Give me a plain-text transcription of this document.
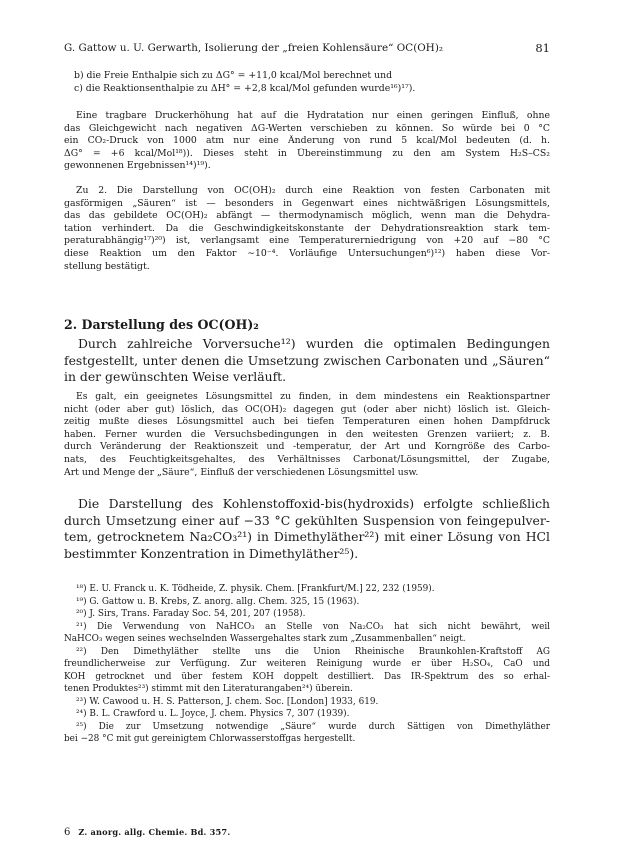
G. Gattow u. U. Gerwarth, Isolierung der „freien Kohlensäure“ OC(OH)₂	81
b) die Freie Enthalpie sich zu ΔG° = +11,0 kcal/Mol berechnet und
c) die Reaktionsenthalpie zu ΔH° = +2,8 kcal/Mol gefunden wurde¹⁶)¹⁷).
Eine tragbare Druckerhöhung hat auf die Hydratation nur einen geringen Einfluß, ohne
das Gleichgewicht nach negativen ΔG-Werten verschieben zu können. So würde bei 0 °C
ein CO₂-Druck von 1000 atm nur eine Änderung von rund 5 kcal/Mol bedeuten (d. h.
ΔG° = +6 kcal/Mol¹⁸)). Dieses steht in Übereinstimmung zu den am System H₂S–CS₂
gewonnenen Ergebnissen¹⁴)¹⁹).
Zu 2. Die Darstellung von OC(OH)₂ durch eine Reaktion von festen Carbonaten mit
gasförmigen „Säuren“ ist — besonders in Gegenwart eines nichtwäßrigen Lösungsmittels,
das das gebildete OC(OH)₂ abfängt — thermodynamisch möglich, wenn man die Dehydra-
tation verhindert. Da die Geschwindigkeitskonstante der Dehydrationsreaktion stark tem-
peraturabhängig¹⁷)²⁰) ist, verlangsamt eine Temperaturerniedrigung von +20 auf −80 °C
diese Reaktion um den Faktor ∼10⁻⁴. Vorläufige Untersuchungen⁶)¹²) haben diese Vor-
stellung bestätigt.
2. Darstellung des OC(OH)₂
Durch zahlreiche Vorversuche¹²) wurden die optimalen Bedingungen
festgestellt, unter denen die Umsetzung zwischen Carbonaten und „Säuren“
in der gewünschten Weise verläuft.
Es galt, ein geeignetes Lösungsmittel zu finden, in dem mindestens ein Reaktionspartner
nicht (oder aber gut) löslich, das OC(OH)₂ dagegen gut (oder aber nicht) löslich ist. Gleich-
zeitig mußte dieses Lösungsmittel auch bei tiefen Temperaturen einen hohen Dampfdruck
haben. Ferner wurden die Versuchsbedingungen in den weitesten Grenzen variiert; z. B.
durch Veränderung der Reaktionszeit und -temperatur, der Art und Korngröße des Carbo-
nats, des Feuchtigkeitsgehaltes, des Verhältnisses Carbonat/Lösungsmittel, der Zugabe,
Art und Menge der „Säure“, Einfluß der verschiedenen Lösungsmittel usw.
Die Darstellung des Kohlenstoffoxid-bis(hydroxids) erfolgte schließlich
durch Umsetzung einer auf −33 °C gekühlten Suspension von feingepulver-
tem, getrocknetem Na₂CO₃²¹) in Dimethyläther²²) mit einer Lösung von HCl
bestimmter Konzentration in Dimethyläther²⁵).
¹⁸) E. U. Franck u. K. Tödheide, Z. physik. Chem. [Frankfurt/M.] 22, 232 (1959).
¹⁹) G. Gattow u. B. Krebs, Z. anorg. allg. Chem. 325, 15 (1963).
²⁰) J. Sirs, Trans. Faraday Soc. 54, 201, 207 (1958).
²¹) Die Verwendung von NaHCO₃ an Stelle von Na₂CO₃ hat sich nicht bewährt, weil
NaHCO₃ wegen seines wechselnden Wassergehaltes stark zum „Zusammenballen“ neigt.
²²) Den Dimethyläther stellte uns die Union Rheinische Braunkohlen-Kraftstoff AG
freundlicherweise zur Verfügung. Zur weiteren Reinigung wurde er über H₂SO₄, CaO und
KOH getrocknet und über festem KOH doppelt destilliert. Das IR-Spektrum des so erhal-
tenen Produktes²³) stimmt mit den Literaturangaben²⁴) überein.
²³) W. Cawood u. H. S. Patterson, J. chem. Soc. [London] 1933, 619.
²⁴) B. L. Crawford u. L. Joyce, J. chem. Physics 7, 307 (1939).
²⁵) Die zur Umsetzung notwendige „Säure“ wurde durch Sättigen von Dimethyläther
bei −28 °C mit gut gereinigtem Chlorwasserstoffgas hergestellt.
6 Z. anorg. allg. Chemie. Bd. 357.
